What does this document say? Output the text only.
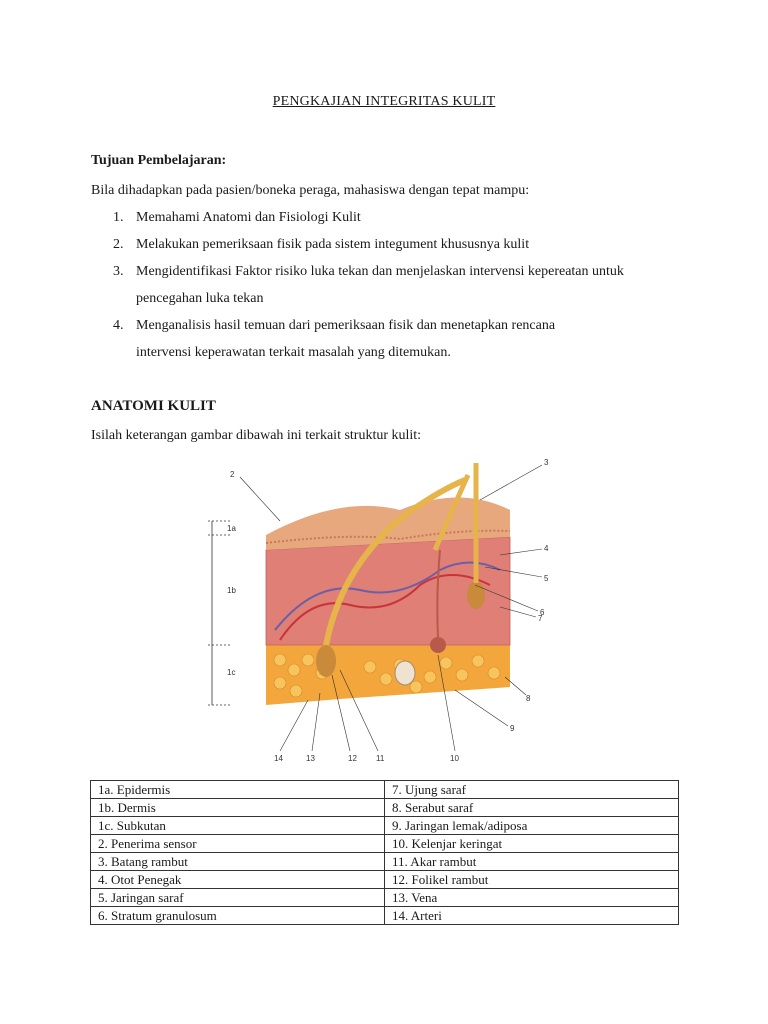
PENGKAJIAN INTEGRITAS KULIT
Tujuan Pembelajaran:
Bila dihadapkan pada pasien/boneka peraga, mahasiswa dengan tepat mampu:
1. Memahami Anatomi dan Fisiologi Kulit
2. Melakukan pemeriksaan fisik pada sistem integument khususnya kulit
3. Mengidentifikasi Faktor risiko luka tekan dan menjelaskan intervensi kepereatan untuk
pencegahan luka tekan
4. Menganalisis hasil temuan dari pemeriksaan fisik dan menetapkan rencana
intervensi keperawatan terkait masalah yang ditemukan.
ANATOMI KULIT
Isilah keterangan gambar dibawah ini terkait struktur kulit:
1a
1b
1c
2
3
4
5
6
7
8
9
10
11
12
13
14
1a. Epidermis	7. Ujung saraf
1b. Dermis	8. Serabut saraf
1c. Subkutan	9. Jaringan lemak/adiposa
2. Penerima sensor	10. Kelenjar keringat
3. Batang rambut	11. Akar rambut
4. Otot Penegak	12. Folikel rambut
5. Jaringan saraf	13. Vena
6. Stratum granulosum	14. Arteri
